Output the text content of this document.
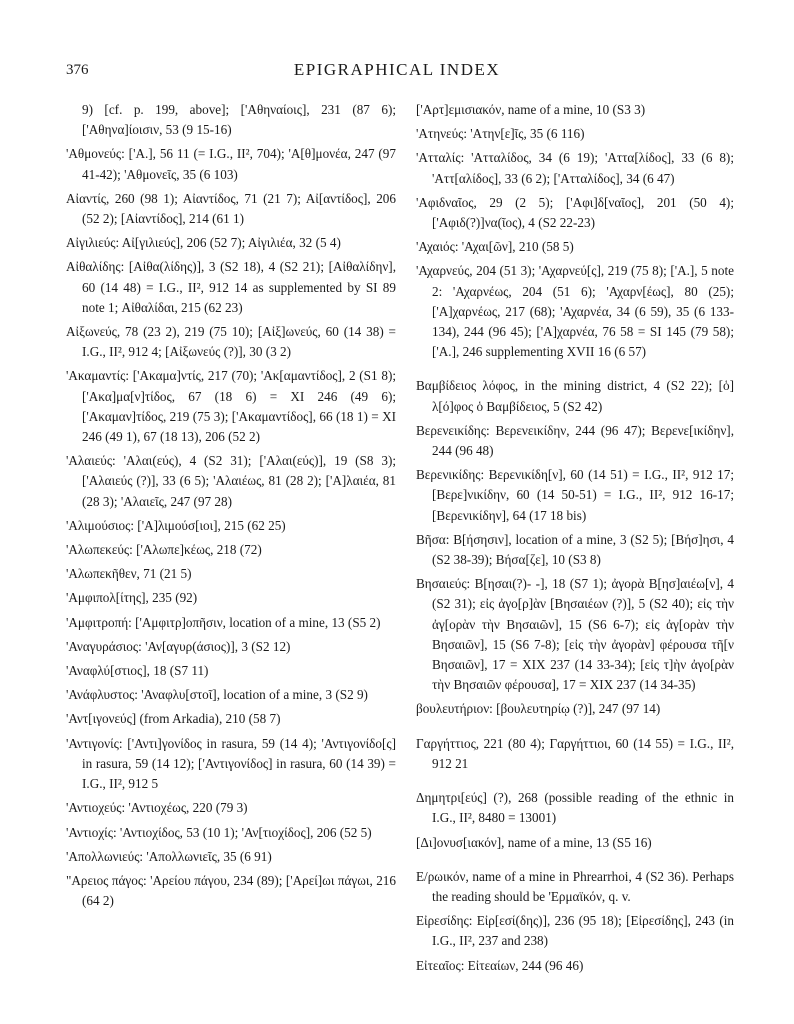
376	EPIGRAPHICAL INDEX

9) [cf. p. 199, above]; ['Αθηναίοις], 231 (87 6); ['Αθηνα]ίοισιν, 53 (9 15-16)

'Αθμονεύς: ['Α.], 56 11 (= I.G., II², 704); 'Α[θ]μονέα, 247 (97 41-42); 'Αθμονεῖς, 35 (6 103)

Αἰαντίς, 260 (98 1); Αἰαντίδος, 71 (21 7); Αἰ[αντίδος], 206 (52 2); [Αἰαντίδος], 214 (61 1)

Αἰγιλιεύς: Αἰ[γιλιεύς], 206 (52 7); Αἰγιλιέα, 32 (5 4)

Αἰθαλίδης: [Αἰθα(λίδης)], 3 (S2 18), 4 (S2 21); [Αἰθαλίδην], 60 (14 48) = I.G., II², 912 14 as supplemented by SI 89 note 1; Αἰθαλίδαι, 215 (62 23)

Αἰξωνεύς, 78 (23 2), 219 (75 10); [Αἰξ]ωνεύς, 60 (14 38) = I.G., II², 912 4; [Αἰξωνεύς (?)], 30 (3 2)

'Ακαμαντίς: ['Ακαμα]ντίς, 217 (70); 'Ακ[αμαντίδος], 2 (S1 8); ['Ακα]μα[ν]τίδος, 67 (18 6) = XI 246 (49 6); ['Ακαμαν]τίδος, 219 (75 3); ['Ακαμαντίδος], 66 (18 1) = XI 246 (49 1), 67 (18 13), 206 (52 2)

'Αλαιεύς: 'Αλαι(εύς), 4 (S2 31); ['Αλαι(εύς)], 19 (S8 3); ['Αλαιεύς (?)], 33 (6 5); 'Αλαιέως, 81 (28 2); ['Α]λαιέα, 81 (28 3); 'Αλαιεῖς, 247 (97 28)

'Αλιμούσιος: ['Α]λιμούσ[ιοι], 215 (62 25)

'Αλωπεκεύς: ['Αλωπε]κέως, 218 (72)

'Αλωπεκῆθεν, 71 (21 5)

'Αμφιπολ[ίτης], 235 (92)

'Αμφιτροπή: ['Αμφιτρ]οπῆσιν, location of a mine, 13 (S5 2)

'Αναγυράσιος: 'Αν[αγυρ(άσιος)], 3 (S2 12)

'Αναφλύ[στιος], 18 (S7 11)

'Ανάφλυστος: 'Αναφλυ[στοῖ], location of a mine, 3 (S2 9)

'Αντ[ιγονεύς] (from Arkadia), 210 (58 7)

'Αντιγονίς: ['Αντι]γονίδος in rasura, 59 (14 4); 'Αντιγονίδο[ς] in rasura, 59 (14 12); ['Αντιγονίδος] in rasura, 60 (14 39) = I.G., II², 912 5

'Αντιοχεύς: 'Αντιοχέως, 220 (79 3)

'Αντιοχίς: 'Αντιοχίδος, 53 (10 1); 'Αν[τιοχίδος], 206 (52 5)

'Απολλωνιεύς: 'Απολλωνιεῖς, 35 (6 91)

"Αρειος πάγος: 'Αρείου πάγου, 234 (89); ['Αρεί]ωι πάγωι, 216 (64 2)

['Αρτ]εμισιακόν, name of a mine, 10 (S3 3)

'Ατηνεύς: 'Ατην[ε]ῖς, 35 (6 116)

'Ατταλίς: 'Ατταλίδος, 34 (6 19); 'Αττα[λίδος], 33 (6 8); 'Αττ[αλίδος], 33 (6 2); ['Ατταλίδος], 34 (6 47)

'Αφιδναῖος, 29 (2 5); ['Αφι]δ[ναῖος], 201 (50 4); ['Αφιδ(?)]να(ῖος), 4 (S2 22-23)

'Αχαιός: 'Αχαι[ῶν], 210 (58 5)

'Αχαρνεύς, 204 (51 3); 'Αχαρνεύ[ς], 219 (75 8); ['Α.], 5 note 2: 'Αχαρνέως, 204 (51 6); 'Αχαρν[έως], 80 (25); ['Α]χαρνέως, 217 (68); 'Αχαρνέα, 34 (6 59), 35 (6 133-134), 244 (96 45); ['Α]χαρνέα, 76 58 = SI 145 (79 58); ['Α.], 246 supplementing XVII 16 (6 57)

Βαμβίδειος λόφος, in the mining district, 4 (S2 22); [ὁ] λ[ό]φος ὁ Βαμβίδειος, 5 (S2 42)

Βερενεικίδης: Βερενεικίδην, 244 (96 47); Βερενε[ικίδην], 244 (96 48)

Βερενικίδης: Βερενικίδη[ν], 60 (14 51) = I.G., II², 912 17; [Βερε]νικίδην, 60 (14 50-51) = I.G., II², 912 16-17; [Βερενικίδην], 64 (17 18 bis)

Βῆσα: Β[ήσησιν], location of a mine, 3 (S2 5); [Βήσ]ησι, 4 (S2 38-39); Βήσα[ζε], 10 (S3 8)

Βησαιεύς: Β[ησαι(?)- -], 18 (S7 1); ἀγορὰ Β[ησ]αιέω[ν], 4 (S2 31); εἰς ἀγο[ρ]ὰν [Βησαιέων (?)], 5 (S2 40); εἰς τὴν ἀγ[ορὰν τὴν Βησαιῶν], 15 (S6 6-7); εἰς ἀγ[ορὰν τὴν Βησαιῶν], 15 (S6 7-8); [εἰς τὴν ἀγορὰν] φέρουσα τῆ[ν Βησαιῶν], 17 = XIX 237 (14 33-34); [εἰς τ]ὴν ἀγο[ρὰν τὴν Βησαιῶν φέρουσα], 17 = XIX 237 (14 34-35)

βουλευτήριον: [βουλευτηρίῳ (?)], 247 (97 14)

Γαργήττιος, 221 (80 4); Γαργήττιοι, 60 (14 55) = I.G., II², 912 21

Δημητρι[εύς] (?), 268 (possible reading of the ethnic in I.G., II², 8480 = 13001)

[Δι]ονυσ[ιακόν], name of a mine, 13 (S5 16)

Ε/ρωικόν, name of a mine in Phrearrhoi, 4 (S2 36). Perhaps the reading should be 'Ερμαϊκόν, q. v.

Εἰρεσίδης: Εἰρ[εσί(δης)], 236 (95 18); [Εἰρεσίδης], 243 (in I.G., II², 237 and 238)

Εἰτεαῖος: Εἰτεαίων, 244 (96 46)
